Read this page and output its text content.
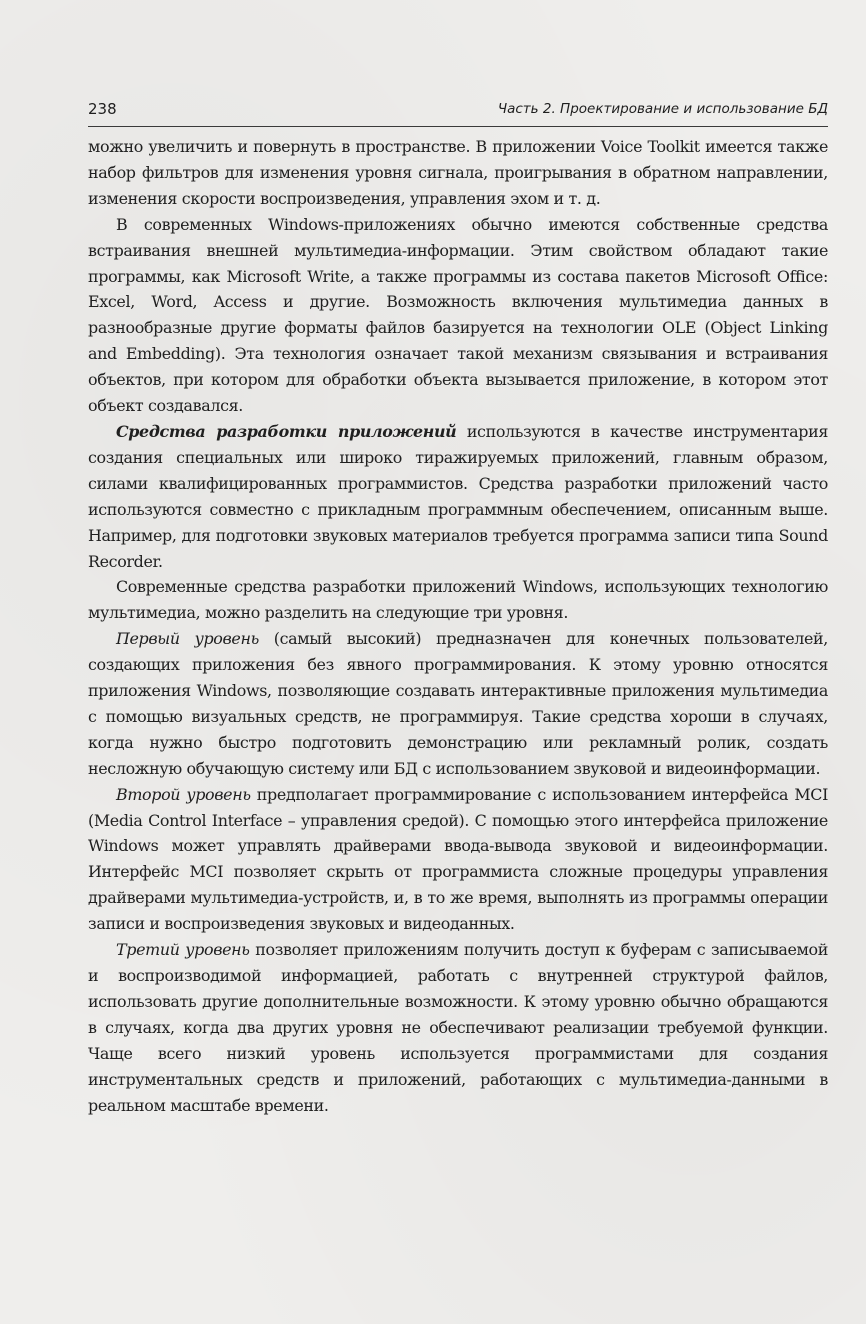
238	Часть 2. Проектирование и использование БД

можно увеличить и повернуть в пространстве. В приложении Voice Toolkit имеется также набор фильтров для изменения уровня сигнала, проигрывания в обратном направлении, изменения скорости воспроизведения, управления эхом и т. д.

В современных Windows-приложениях обычно имеются собственные средства встраивания внешней мультимедиа-информации. Этим свойством обладают такие программы, как Microsoft Write, а также программы из состава пакетов Microsoft Office: Excel, Word, Access и другие. Возможность включения мультимедиа данных в разнообразные другие форматы файлов базируется на технологии OLE (Object Linking and Embedding). Эта технология означает такой механизм связывания и встраивания объектов, при котором для обработки объекта вызывается приложение, в котором этот объект создавался.

Средства разработки приложений используются в качестве инструментария создания специальных или широко тиражируемых приложений, главным образом, силами квалифицированных программистов. Средства разработки приложений часто используются совместно с прикладным программным обеспечением, описанным выше. Например, для подготовки звуковых материалов требуется программа записи типа Sound Recorder.

Современные средства разработки приложений Windows, использующих технологию мультимедиа, можно разделить на следующие три уровня.

Первый уровень (самый высокий) предназначен для конечных пользователей, создающих приложения без явного программирования. К этому уровню относятся приложения Windows, позволяющие создавать интерактивные приложения мультимедиа с помощью визуальных средств, не программируя. Такие средства хороши в случаях, когда нужно быстро подготовить демонстрацию или рекламный ролик, создать несложную обучающую систему или БД с использованием звуковой и видеоинформации.

Второй уровень предполагает программирование с использованием интерфейса MCI (Media Control Interface – управления средой). С помощью этого интерфейса приложение Windows может управлять драйверами ввода-вывода звуковой и видеоинформации. Интерфейс MCI позволяет скрыть от программиста сложные процедуры управления драйверами мультимедиа-устройств, и, в то же время, выполнять из программы операции записи и воспроизведения звуковых и видеоданных.

Третий уровень позволяет приложениям получить доступ к буферам с записываемой и воспроизводимой информацией, работать с внутренней структурой файлов, использовать другие дополнительные возможности. К этому уровню обычно обращаются в случаях, когда два других уровня не обеспечивают реализации требуемой функции. Чаще всего низкий уровень используется программистами для создания инструментальных средств и приложений, работающих с мультимедиа-данными в реальном масштабе времени.
